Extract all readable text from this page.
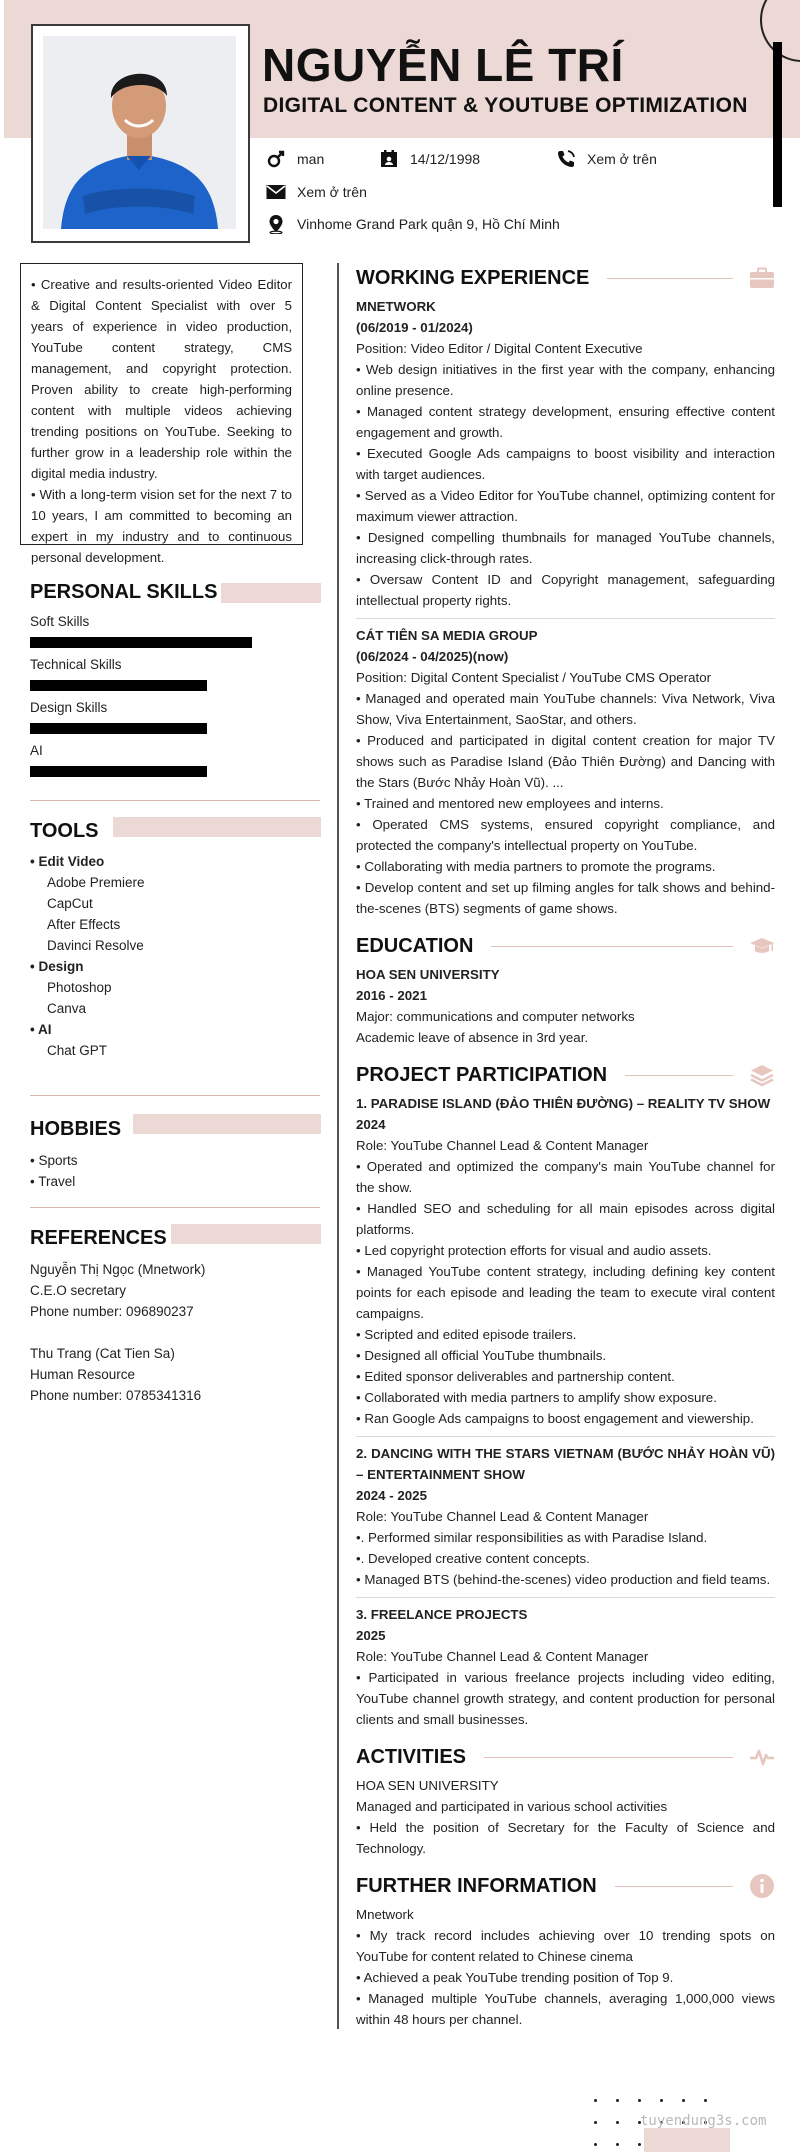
NGUYỄN LÊ TRÍ
DIGITAL CONTENT & YOUTUBE OPTIMIZATION
man	14/12/1998	Xem ở trên
Xem ở trên
Vinhome Grand Park quận 9, Hồ Chí Minh

• Creative and results-oriented Video Editor & Digital Content Specialist with over 5 years of experience in video production, YouTube content strategy, CMS management, and copyright protection. Proven ability to create high-performing content with multiple videos achieving trending positions on YouTube. Seeking to further grow in a leadership role within the digital media industry.

• With a long-term vision set for the next 7 to 10 years, I am committed to becoming an expert in my industry and to continuous personal development.

PERSONAL SKILLS
Soft Skills
Technical Skills
Design Skills
AI
TOOLS
• Edit Video
Adobe Premiere
CapCut
After Effects
Davinci Resolve
• Design
Photoshop
Canva
• AI
Chat GPT
HOBBIES
• Sports
• Travel
REFERENCES
Nguyễn Thị Ngọc (Mnetwork)
C.E.O secretary
Phone number: 096890237
Thu Trang (Cat Tien Sa)
Human Resource
Phone number: 0785341316
WORKING EXPERIENCE

MNETWORK

(06/2019 - 01/2024)

Position: Video Editor / Digital Content Executive

• Web design initiatives in the first year with the company, enhancing online presence.

• Managed content strategy development, ensuring effective content engagement and growth.

• Executed Google Ads campaigns to boost visibility and interaction with target audiences.

• Served as a Video Editor for YouTube channel, optimizing content for maximum viewer attraction.

• Designed compelling thumbnails for managed YouTube channels, increasing click-through rates.

• Oversaw Content ID and Copyright management, safeguarding intellectual property rights.

CÁT TIÊN SA MEDIA GROUP

(06/2024 - 04/2025)(now)

Position: Digital Content Specialist / YouTube CMS Operator

• Managed and operated main YouTube channels: Viva Network, Viva Show, Viva Entertainment, SaoStar, and others.

• Produced and participated in digital content creation for major TV shows such as Paradise Island (Đảo Thiên Đường) and Dancing with the Stars (Bước Nhảy Hoàn Vũ). ...

• Trained and mentored new employees and interns.

• Operated CMS systems, ensured copyright compliance, and protected the company's intellectual property on YouTube.

• Collaborating with media partners to promote the programs.

• Develop content and set up filming angles for talk shows and behind-the-scenes (BTS) segments of game shows.

EDUCATION

HOA SEN UNIVERSITY

2016 - 2021

Major: communications and computer networks

Academic leave of absence in 3rd year.

PROJECT PARTICIPATION

1. PARADISE ISLAND (ĐẢO THIÊN ĐƯỜNG) – REALITY TV SHOW

2024

Role: YouTube Channel Lead & Content Manager

• Operated and optimized the company's main YouTube channel for the show.

• Handled SEO and scheduling for all main episodes across digital platforms.

• Led copyright protection efforts for visual and audio assets.

• Managed YouTube content strategy, including defining key content points for each episode and leading the team to execute viral content campaigns.

• Scripted and edited episode trailers.

• Designed all official YouTube thumbnails.

• Edited sponsor deliverables and partnership content.

• Collaborated with media partners to amplify show exposure.

• Ran Google Ads campaigns to boost engagement and viewership.

2. DANCING WITH THE STARS VIETNAM (BƯỚC NHẢY HOÀN VŨ) – ENTERTAINMENT SHOW

2024 - 2025

Role: YouTube Channel Lead & Content Manager

•. Performed similar responsibilities as with Paradise Island.

•. Developed creative content concepts.

• Managed BTS (behind-the-scenes) video production and field teams.

3. FREELANCE PROJECTS

2025

Role: YouTube Channel Lead & Content Manager

• Participated in various freelance projects including video editing, YouTube channel growth strategy, and content production for personal clients and small businesses.

ACTIVITIES

HOA SEN UNIVERSITY

Managed and participated in various school activities

• Held the position of Secretary for the Faculty of Science and Technology.

FURTHER INFORMATION

Mnetwork

• My track record includes achieving over 10 trending spots on YouTube for content related to Chinese cinema

• Achieved a peak YouTube trending position of Top 9.

• Managed multiple YouTube channels, averaging 1,000,000 views within 48 hours per channel.

tuyendung3s.com
